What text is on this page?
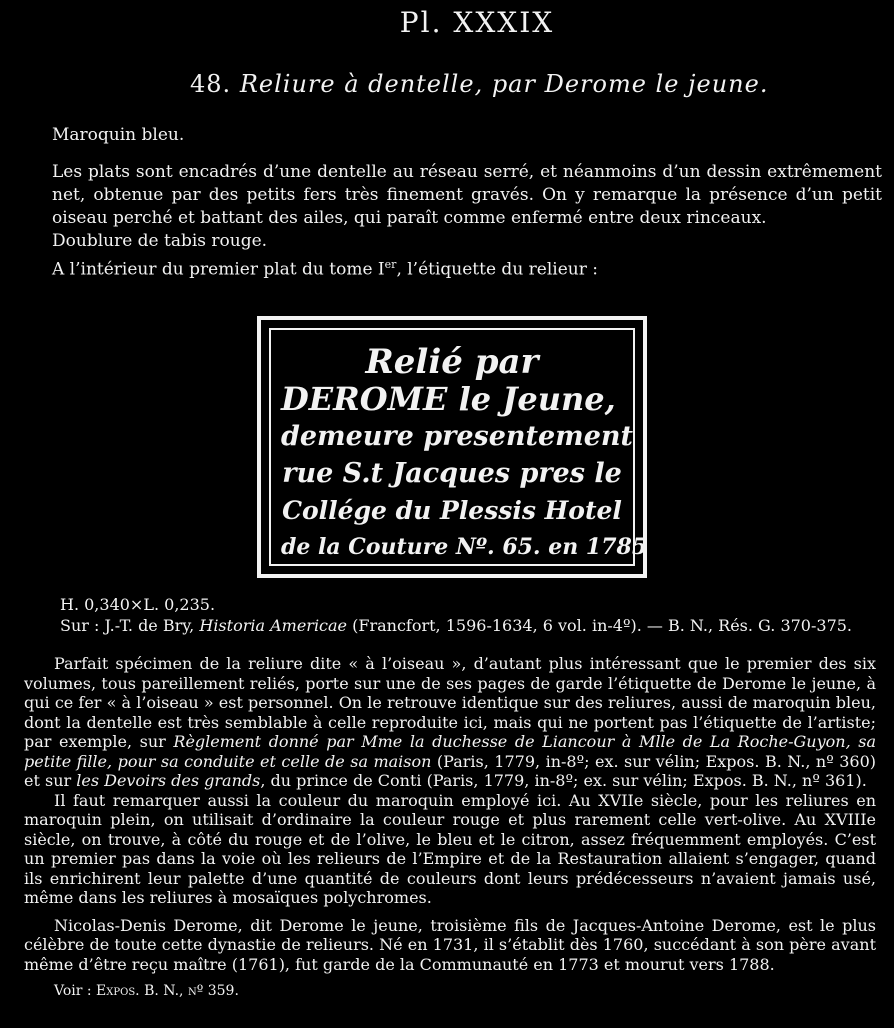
Pl. XXXIX
48. Reliure à dentelle, par Derome le jeune.

Maroquin bleu.

Les plats sont encadrés d’une dentelle au réseau serré, et néanmoins d’un dessin extrêmement net, obtenue par des petits fers très finement gravés. On y remarque la présence d’un petit oiseau perché et battant des ailes, qui paraît comme enfermé entre deux rinceaux.

Doublure de tabis rouge.

A l’intérieur du premier plat du tome Ier, l’étiquette du relieur :

Relié par
DEROME le Jeune,
demeure presentement
rue S.t Jacques pres le
Collége du Plessis Hotel
de la Couture Nº. 65. en 1785
H. 0,340×L. 0,235.
Sur : J.-T. de Bry, Historia Americae (Francfort, 1596-1634, 6 vol. in-4º). — B. N., Rés. G. 370-375.

Parfait spécimen de la reliure dite « à l’oiseau », d’autant plus intéressant que le premier des six volumes, tous pareillement reliés, porte sur une de ses pages de garde l’étiquette de Derome le jeune, à qui ce fer « à l’oiseau » est personnel. On le retrouve identique sur des reliures, aussi de maroquin bleu, dont la dentelle est très semblable à celle reproduite ici, mais qui ne portent pas l’étiquette de l’artiste; par exemple, sur Règlement donné par Mme la duchesse de Liancour à Mlle de La Roche-Guyon, sa petite fille, pour sa conduite et celle de sa maison (Paris, 1779, in-8º; ex. sur vélin; Expos. B. N., nº 360) et sur les Devoirs des grands, du prince de Conti (Paris, 1779, in-8º; ex. sur vélin; Expos. B. N., nº 361).

Il faut remarquer aussi la couleur du maroquin employé ici. Au XVIIe siècle, pour les reliures en maroquin plein, on utilisait d’ordinaire la couleur rouge et plus rarement celle vert-olive. Au XVIIIe siècle, on trouve, à côté du rouge et de l’olive, le bleu et le citron, assez fréquemment employés. C’est un premier pas dans la voie où les relieurs de l’Empire et de la Restauration allaient s’engager, quand ils enrichirent leur palette d’une quantité de couleurs dont leurs prédécesseurs n’avaient jamais usé, même dans les reliures à mosaïques polychromes.

Nicolas-Denis Derome, dit Derome le jeune, troisième fils de Jacques-Antoine Derome, est le plus célèbre de toute cette dynastie de relieurs. Né en 1731, il s’établit dès 1760, succédant à son père avant même d’être reçu maître (1761), fut garde de la Communauté en 1773 et mourut vers 1788.

Voir : Expos. B. N., nº 359.
